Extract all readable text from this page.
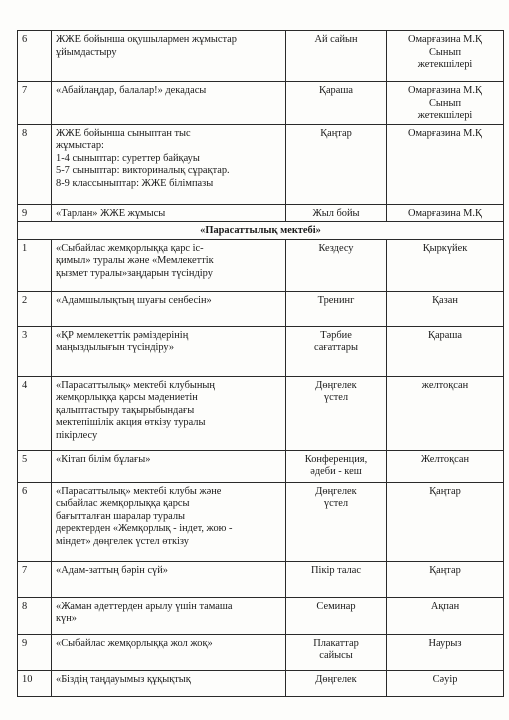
6	ЖЖЕ бойынша оқушылармен жұмыстар
ұйымдастыру	Ай сайын	Омарғазина М.Қ
Сынып
жетекшілері

7	«Абайлаңдар, балалар!» декадасы	Қараша	Омарғазина М.Қ
Сынып
жетекшілері

8	ЖЖЕ бойынша сыныптан тыс
жұмыстар:
1-4 сыныптар: суреттер байқауы
5-7 сыныптар: викториналық сұрақтар.
8-9 классыныптар: ЖЖЕ білімпазы	Қаңтар	Омарғазина М.Қ

9	«Тарлан» ЖЖЕ жұмысы	Жыл бойы	Омарғазина М.Қ

«Парасаттылық мектебі»			
1	«Сыбайлас жемқорлыққа қарс іс-
қимыл» туралы және «Мемлекеттік
қызмет туралы»заңдарын түсіндіру	Кездесу	Қыркүйек

2	«Адамшылықтың шуағы сенбесін»	Тренинг	Қазан

3	«ҚР мемлекеттік рәміздерінің
маңыздылығын түсіндіру»	Тәрбие
сағаттары	Қараша

4	«Парасаттылық» мектебі клубының
жемқорлыққа қарсы мәдениетін
қалыптастыру тақырыбындағы
мектепішілік акция өткізу туралы
пікірлесу	Дөңгелек
үстел	желтоқсан

5	«Кітап білім бұлағы»	Конференция,
әдеби - кеш	Желтоқсан

6	«Парасаттылық» мектебі клубы және
сыбайлас жемқорлыққа қарсы
бағытталған шаралар туралы
деректерден «Жемқорлық - індет, жою -
міндет» дөңгелек үстел өткізу	Дөңгелек
үстел	Қаңтар

7	«Адам-заттың бәрін сүй»	Пікір талас	Қаңтар

8	«Жаман әдеттерден арылу үшін тамаша
күн»	Семинар	Ақпан

9	«Сыбайлас жемқорлыққа жол жоқ»	Плакаттар
сайысы	Наурыз

10	«Біздің таңдауымыз құқықтық	Дөңгелек	Сәуір
